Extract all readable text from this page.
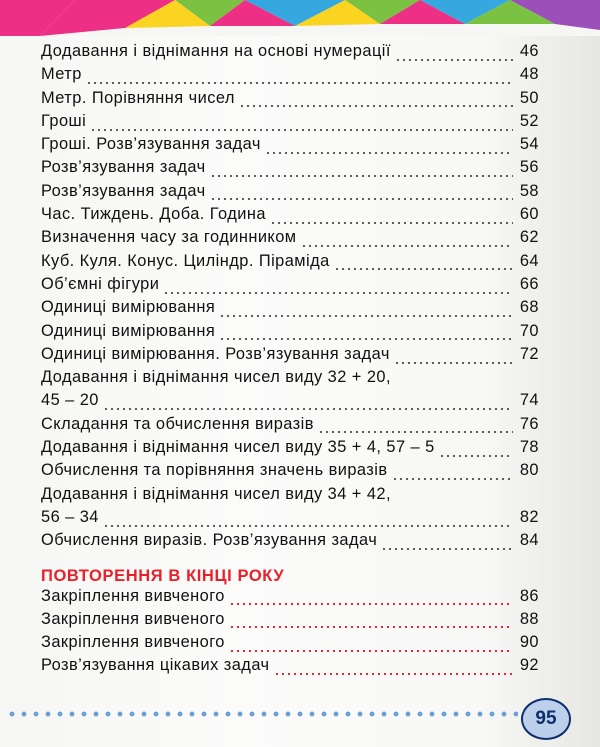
Додавання і віднімання на основі нумерації	46
Метр	48
Метр. Порівняння чисел	50
Гроші	52
Гроші. Розв’язування задач	54
Розв’язування задач	56
Розв’язування задач	58
Час. Тиждень. Доба. Година	60
Визначення часу за годинником	62
Куб. Куля. Конус. Циліндр. Піраміда	64
Об’ємні фігури	66
Одиниці вимірювання	68
Одиниці вимірювання	70
Одиниці вимірювання. Розв’язування задач	72
Додавання і віднімання чисел виду 32 + 20,
45 – 20	74
Складання та обчислення виразів	76
Додавання і віднімання чисел виду 35 + 4, 57 – 5	78
Обчислення та порівняння значень виразів	80
Додавання і віднімання чисел виду 34 + 42,
56 – 34	82
Обчислення виразів. Розв’язування задач	84
ПОВТОРЕННЯ В КІНЦІ РОКУ
Закріплення вивченого	86
Закріплення вивченого	88
Закріплення вивченого	90
Розв’язування цікавих задач	92
95
